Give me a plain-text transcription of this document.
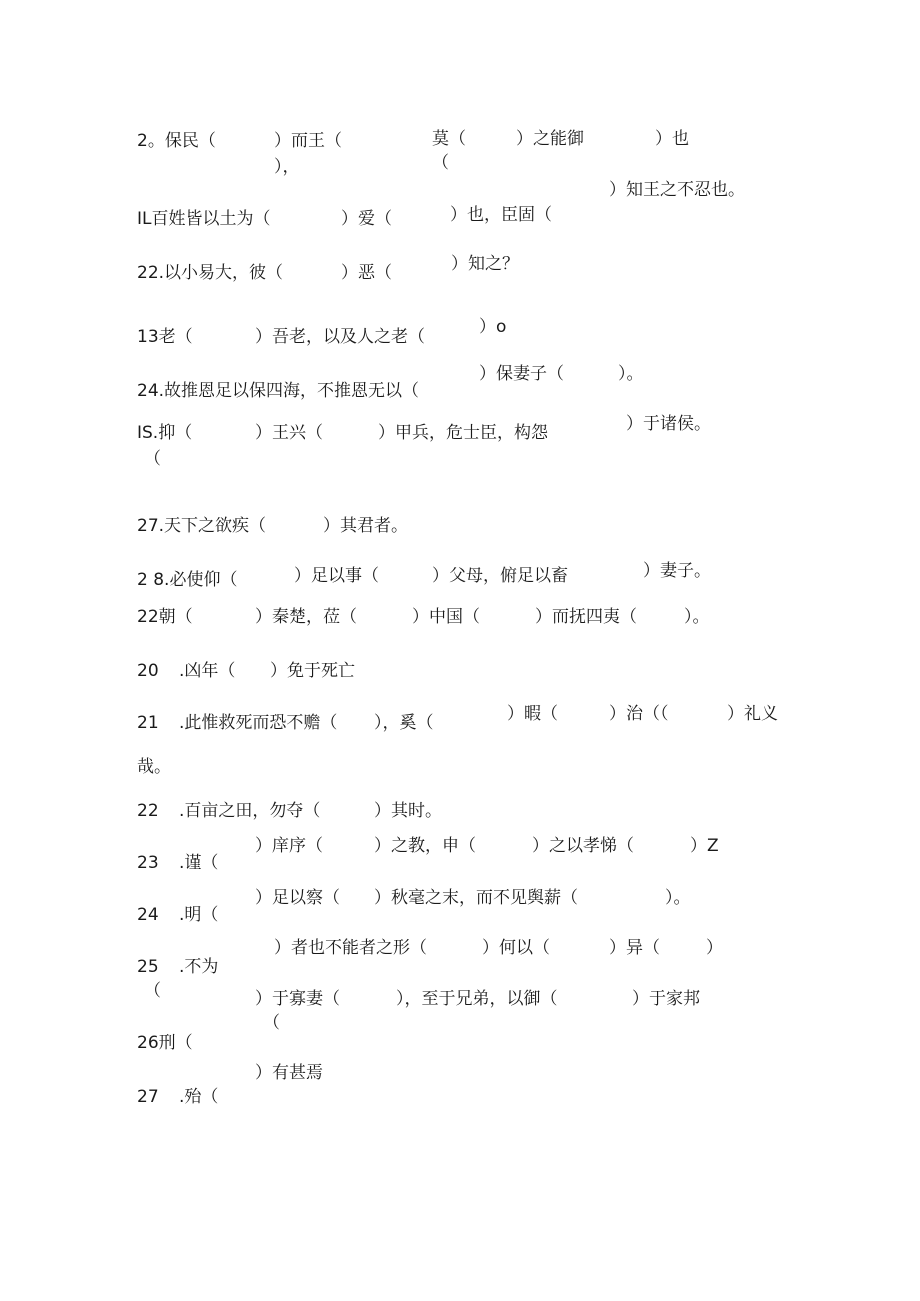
2。保民（	）而王（	莫（	）之能御	）也
（
），
）知王之不忍也。
IL百姓皆以土为（	）爱（	）也，臣固（
22.以小易大，彼（	）恶（	）知之？
13老（	）吾老，以及人之老（	）o
）保妻子（	）。
24.故推恩足以保四海，不推恩无以（
）于诸侯。
IS.抑（	）王兴（	）甲兵，危士臣，构怨
（
27.天下之欲疾（	）其君者。
）妻子。
2 8.必使仰（	）足以事（	）父母，俯足以畜
22朝（	）秦楚，莅（	）中国（	）而抚四夷（	）。
20 .凶年（ ）免于死亡
）暇（	）治（（	）礼义
21 .此惟救死而恐不赡（ ），奚（
哉。
22 .百亩之田，勿夺（	）其时。
）庠序（	）之教，申（	）之以孝悌（	）Z
23 .谨（
）足以察（ ）秋毫之末，而不见舆薪（	）。
24 .明（
）者也不能者之形（	）何以（	）异（	）
25 .不为
（	）于寡妻（	），至于兄弟，以御（	）于家邦
（
26刑（
）有甚焉
27 .殆（
